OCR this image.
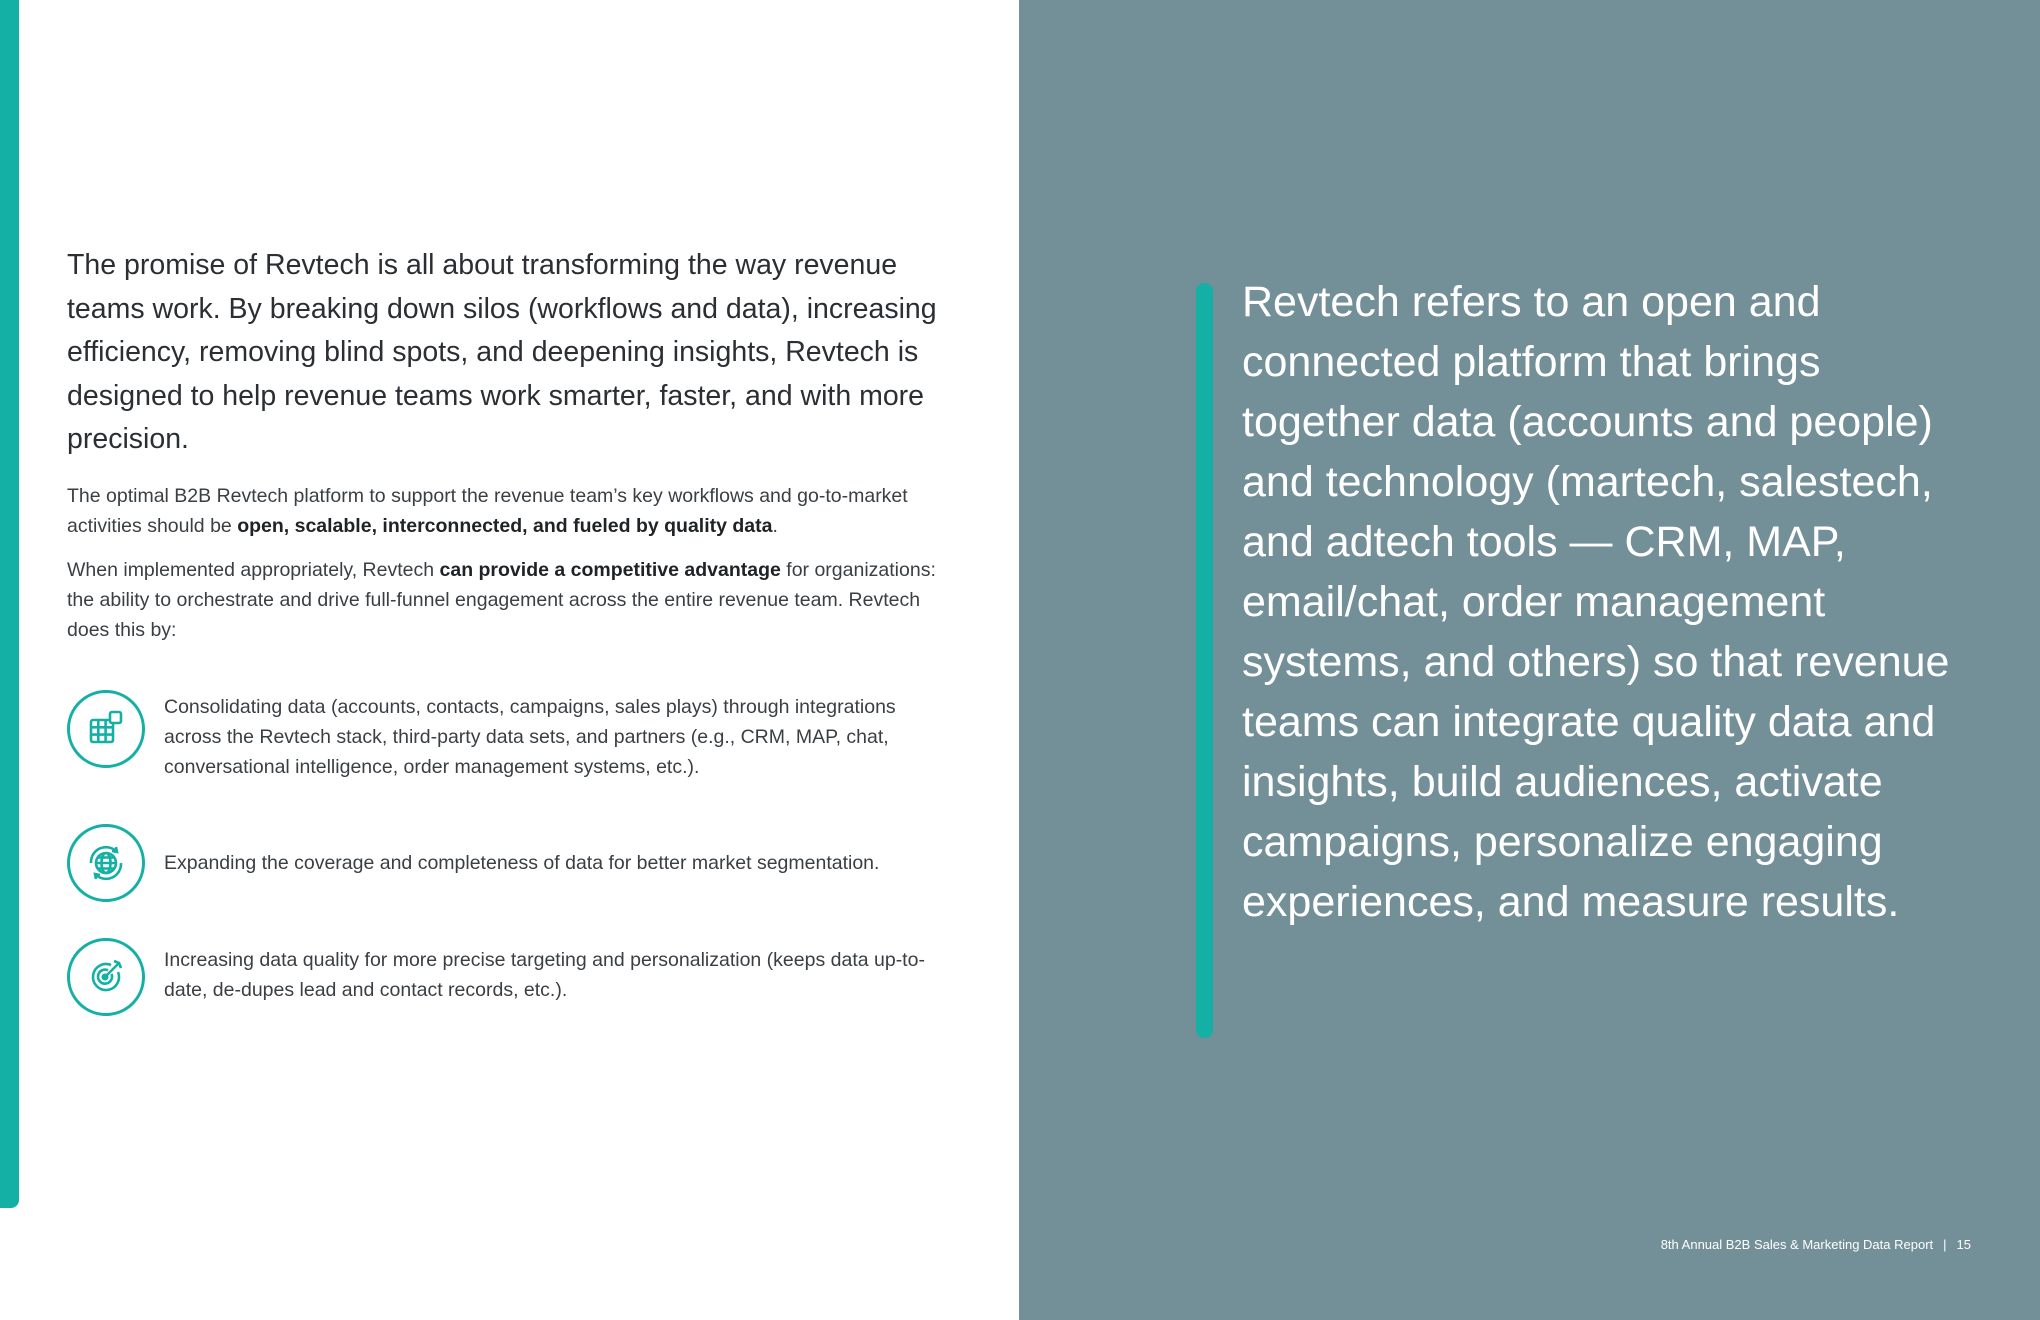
The promise of Revtech is all about transforming the way revenue teams work. By breaking down silos (workflows and data), increasing efficiency, removing blind spots, and deepening insights, Revtech is designed to help revenue teams work smarter, faster, and with more precision.

The optimal B2B Revtech platform to support the revenue team’s key workflows and go-to-market activities should be open, scalable, interconnected, and fueled by quality data.

When implemented appropriately, Revtech can provide a competitive advantage for organizations: the ability to orchestrate and drive full-funnel engagement across the entire revenue team. Revtech does this by:

Consolidating data (accounts, contacts, campaigns, sales plays) through integrations across the Revtech stack, third-party data sets, and partners (e.g., CRM, MAP, chat, conversational intelligence, order management systems, etc.).

Expanding the coverage and completeness of data for better market segmentation.

Increasing data quality for more precise targeting and personalization (keeps data up-to-date, de-dupes lead and contact records, etc.).

Revtech refers to an open and connected platform that brings together data (accounts and people) and technology (martech, salestech, and adtech tools — CRM, MAP, email/chat, order management systems, and others) so that revenue teams can integrate quality data and insights, build audiences, activate campaigns, personalize engaging experiences, and measure results.

8th Annual B2B Sales & Marketing Data Report | 15
